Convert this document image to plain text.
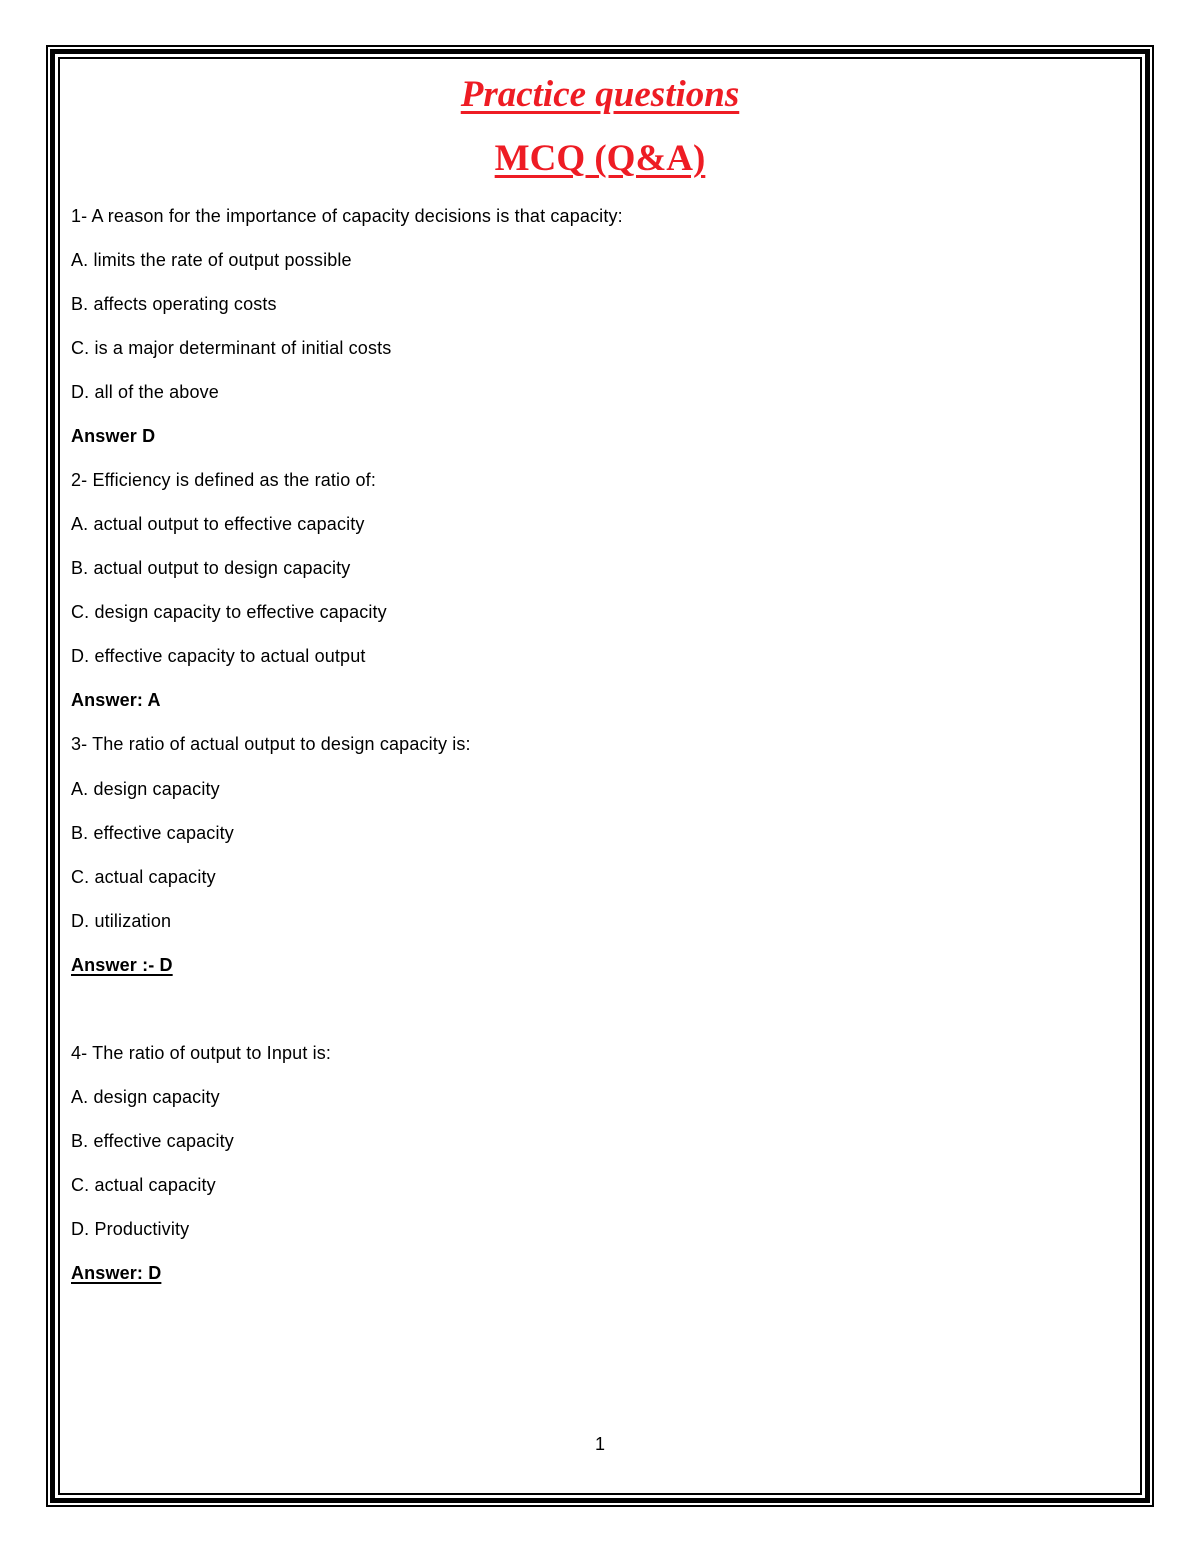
Practice questions
MCQ (Q&A)
1- A reason for the importance of capacity decisions is that capacity:
A. limits the rate of output possible
B. affects operating costs
C. is a major determinant of initial costs
D. all of the above
Answer D
2- Efficiency is defined as the ratio of:
A. actual output to effective capacity
B. actual output to design capacity
C. design capacity to effective capacity
D. effective capacity to actual output
Answer: A
3- The ratio of actual output to design capacity is:
A. design capacity
B. effective capacity
C. actual capacity
D. utilization
Answer :- D
4- The ratio of output to Input is:
A. design capacity
B. effective capacity
C. actual capacity
D. Productivity
Answer: D
1
